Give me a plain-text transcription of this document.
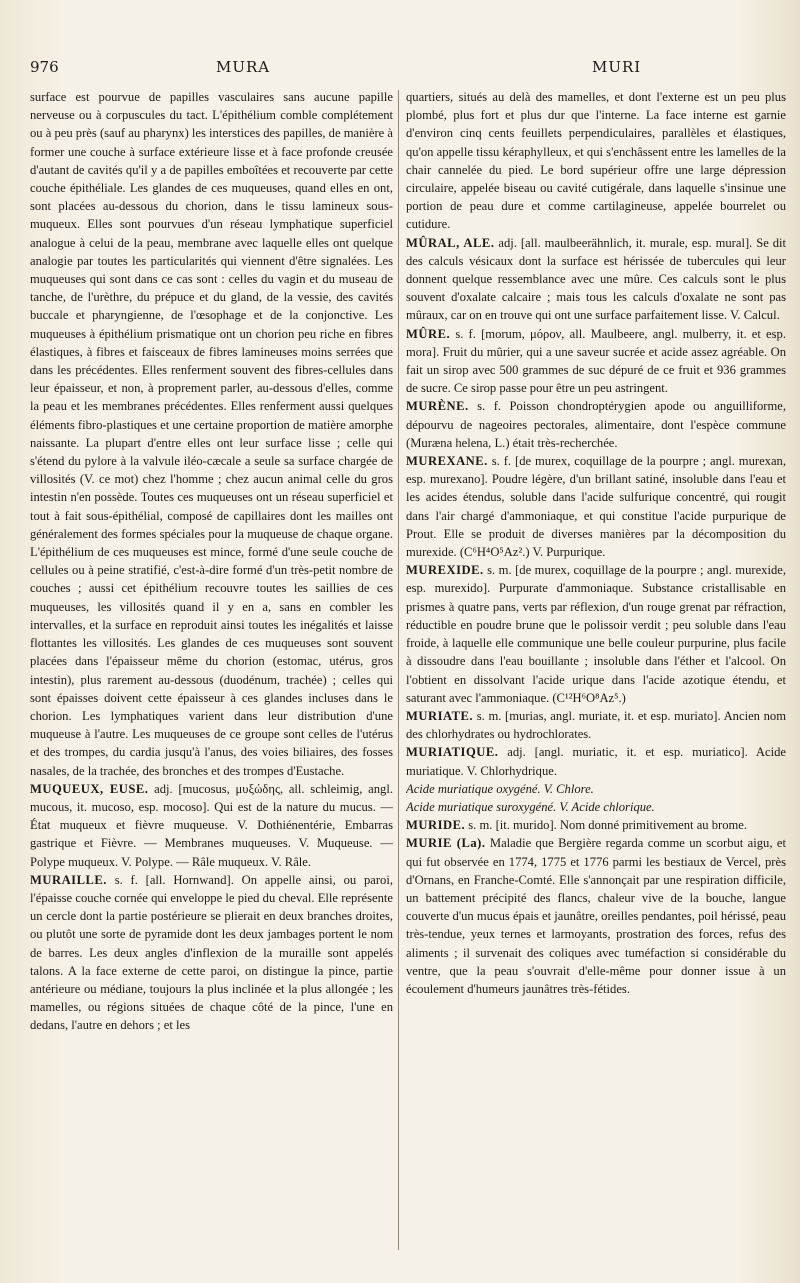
976	MURA	MURI

surface est pourvue de papilles vasculaires sans aucune papille nerveuse ou à corpuscules du tact. L'épithélium comble complétement ou à peu près (sauf au pharynx) les interstices des papilles, de manière à former une couche à surface extérieure lisse et à face profonde creusée d'autant de cavités qu'il y a de papilles emboîtées et recouverte par cette couche épithéliale. Les glandes de ces muqueuses, quand elles en ont, sont placées au-dessous du chorion, dans le tissu lamineux sous-muqueux. Elles sont pourvues d'un réseau lymphatique superficiel analogue à celui de la peau, membrane avec laquelle elles ont quelque analogie par toutes les particularités qui viennent d'être signalées. Les muqueuses qui sont dans ce cas sont : celles du vagin et du museau de tanche, de l'urèthre, du prépuce et du gland, de la vessie, des cavités buccale et pharyngienne, de l'œsophage et de la conjonctive. Les muqueuses à épithélium prismatique ont un chorion peu riche en fibres élastiques, à fibres et faisceaux de fibres lamineuses moins serrées que dans les précédentes. Elles renferment souvent des fibres-cellules dans leur épaisseur, et non, à proprement parler, au-dessous d'elles, comme la peau et les membranes précédentes. Elles renferment aussi quelques éléments fibro-plastiques et une certaine proportion de matière amorphe naissante. La plupart d'entre elles ont leur surface lisse ; celle qui s'étend du pylore à la valvule iléo-cæcale a seule sa surface chargée de villosités (V. ce mot) chez l'homme ; chez aucun animal celle du gros intestin n'en possède. Toutes ces muqueuses ont un réseau superficiel et tout à fait sous-épithélial, composé de capillaires dont les mailles ont généralement des formes spéciales pour la muqueuse de chaque organe. L'épithélium de ces muqueuses est mince, formé d'une seule couche de cellules ou à peine stratifié, c'est-à-dire formé d'un très-petit nombre de couches ; aussi cet épithélium recouvre toutes les saillies de ces muqueuses, les villosités quand il y en a, sans en combler les intervalles, et la surface en reproduit ainsi toutes les inégalités et laisse flottantes les villosités. Les glandes de ces muqueuses sont souvent placées dans l'épaisseur même du chorion (estomac, utérus, gros intestin), plus rarement au-dessous (duodénum, trachée) ; celles qui sont épaisses doivent cette épaisseur à ces glandes incluses dans le chorion. Les lymphatiques varient dans leur distribution d'une muqueuse à l'autre. Les muqueuses de ce groupe sont celles de l'utérus et des trompes, du cardia jusqu'à l'anus, des voies biliaires, des fosses nasales, de la trachée, des bronches et des trompes d'Eustache.

MUQUEUX, EUSE. adj. [mucosus, μυξώδης, all. schleimig, angl. mucous, it. mucoso, esp. mocoso]. Qui est de la nature du mucus. — État muqueux et fièvre muqueuse. V. Dothiénentérie, Embarras gastrique et Fièvre. — Membranes muqueuses. V. Muqueuse. — Polype muqueux. V. Polype. — Râle muqueux. V. Râle.

MURAILLE. s. f. [all. Hornwand]. On appelle ainsi, ou paroi, l'épaisse couche cornée qui enveloppe le pied du cheval. Elle représente un cercle dont la partie postérieure se plierait en deux branches droites, ou plutôt une sorte de pyramide dont les deux jambages portent le nom de barres. Les deux angles d'inflexion de la muraille sont appelés talons. A la face externe de cette paroi, on distingue la pince, partie antérieure ou médiane, toujours la plus inclinée et la plus allongée ; les mamelles, ou régions situées de chaque côté de la pince, l'une en dedans, l'autre en dehors ; et les

quartiers, situés au delà des mamelles, et dont l'externe est un peu plus plombé, plus fort et plus dur que l'interne. La face interne est garnie d'environ cinq cents feuillets perpendiculaires, parallèles et élastiques, qu'on appelle tissu kéraphylleux, et qui s'enchâssent entre les lamelles de la chair cannelée du pied. Le bord supérieur offre une large dépression circulaire, appelée biseau ou cavité cutigérale, dans laquelle s'insinue une portion de peau dure et comme cartilagineuse, appelée bourrelet ou cutidure.

MÛRAL, ALE. adj. [all. maulbeerähnlich, it. murale, esp. mural]. Se dit des calculs vésicaux dont la surface est hérissée de tubercules qui leur donnent quelque ressemblance avec une mûre. Ces calculs sont le plus souvent d'oxalate calcaire ; mais tous les calculs d'oxalate ne sont pas mûraux, car on en trouve qui ont une surface parfaitement lisse. V. Calcul.

MÛRE. s. f. [morum, μόρον, all. Maulbeere, angl. mulberry, it. et esp. mora]. Fruit du mûrier, qui a une saveur sucrée et acide assez agréable. On fait un sirop avec 500 grammes de suc dépuré de ce fruit et 936 grammes de sucre. Ce sirop passe pour être un peu astringent.

MURÈNE. s. f. Poisson chondroptérygien apode ou anguilliforme, dépourvu de nageoires pectorales, alimentaire, dont l'espèce commune (Muræna helena, L.) était très-recherchée.

MUREXANE. s. f. [de murex, coquillage de la pourpre ; angl. murexan, esp. murexano]. Poudre légère, d'un brillant satiné, insoluble dans l'eau et les acides étendus, soluble dans l'acide sulfurique concentré, qui rougit dans l'air chargé d'ammoniaque, et qui constitue l'acide purpurique de Prout. Elle se produit de diverses manières par la décomposition du murexide. (C⁶H⁴O⁵Az².) V. Purpurique.

MUREXIDE. s. m. [de murex, coquillage de la pourpre ; angl. murexide, esp. murexido]. Purpurate d'ammoniaque. Substance cristallisable en prismes à quatre pans, verts par réflexion, d'un rouge grenat par réfraction, réductible en poudre brune que le polissoir verdit ; peu soluble dans l'eau froide, à laquelle elle communique une belle couleur purpurine, plus facile à dissoudre dans l'eau bouillante ; insoluble dans l'éther et l'alcool. On l'obtient en dissolvant l'acide urique dans l'acide azotique étendu, et saturant avec l'ammoniaque. (C¹²H⁶O⁸Az⁵.)

MURIATE. s. m. [murias, angl. muriate, it. et esp. muriato]. Ancien nom des chlorhydrates ou hydrochlorates.

MURIATIQUE. adj. [angl. muriatic, it. et esp. muriatico]. Acide muriatique. V. Chlorhydrique.

Acide muriatique oxygéné. V. Chlore.

Acide muriatique suroxygéné. V. Acide chlorique.

MURIDE. s. m. [it. murido]. Nom donné primitivement au brome.

MURIE (La). Maladie que Bergière regarda comme un scorbut aigu, et qui fut observée en 1774, 1775 et 1776 parmi les bestiaux de Vercel, près d'Ornans, en Franche-Comté. Elle s'annonçait par une respiration difficile, un battement précipité des flancs, chaleur vive de la bouche, langue couverte d'un mucus épais et jaunâtre, oreilles pendantes, poil hérissé, peau très-tendue, yeux ternes et larmoyants, prostration des forces, refus des aliments ; il survenait des coliques avec tuméfaction si considérable du ventre, que la peau s'ouvrait d'elle-même pour donner issue à un écoulement d'humeurs jaunâtres très-fétides.
